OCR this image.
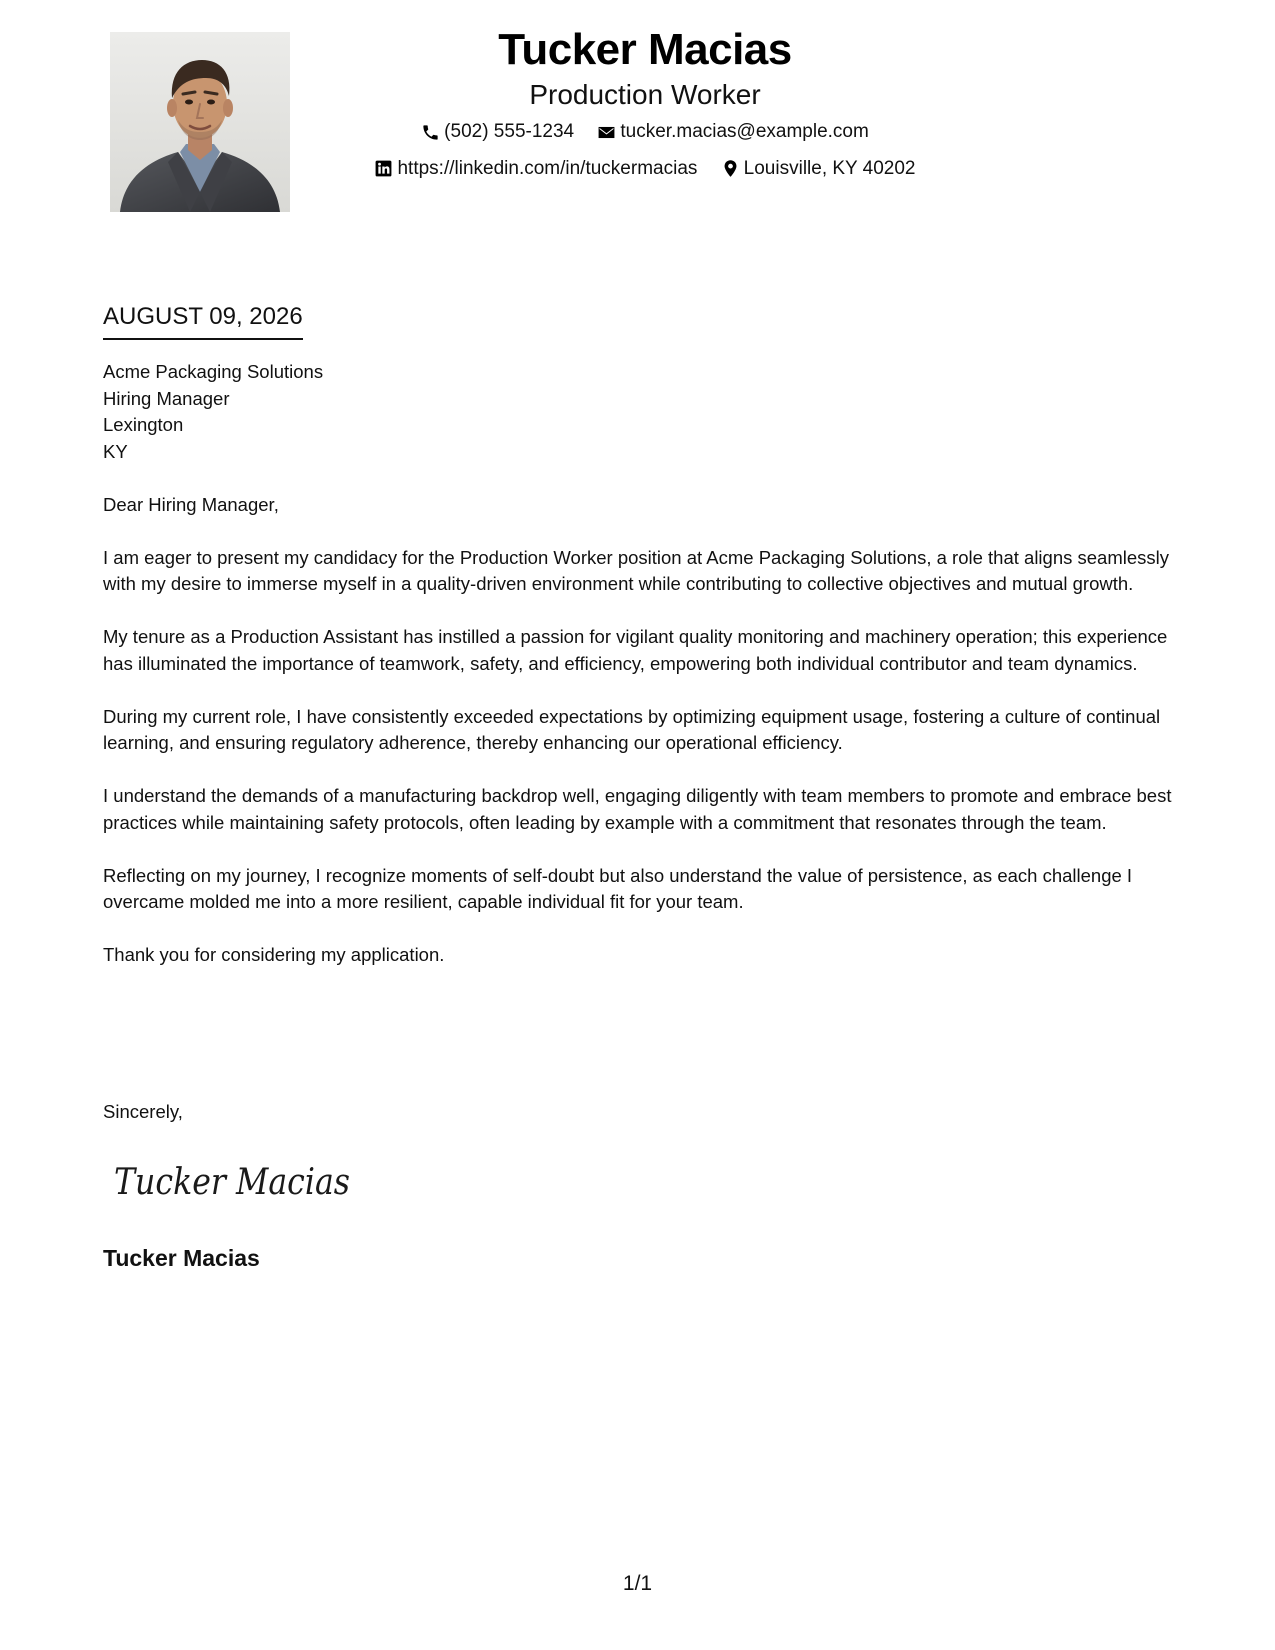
Tucker Macias
Production Worker
(502) 555-1234
tucker.macias@example.com
https://linkedin.com/in/tuckermacias
Louisville, KY 40202
AUGUST 09, 2026
Acme Packaging Solutions
Hiring Manager
Lexington
KY

Dear Hiring Manager,

I am eager to present my candidacy for the Production Worker position at Acme Packaging Solutions, a role that aligns seamlessly with my desire to immerse myself in a quality-driven environment while contributing to collective objectives and mutual growth.

My tenure as a Production Assistant has instilled a passion for vigilant quality monitoring and machinery operation; this experience has illuminated the importance of teamwork, safety, and efficiency, empowering both individual contributor and team dynamics.

During my current role, I have consistently exceeded expectations by optimizing equipment usage, fostering a culture of continual learning, and ensuring regulatory adherence, thereby enhancing our operational efficiency.

I understand the demands of a manufacturing backdrop well, engaging diligently with team members to promote and embrace best practices while maintaining safety protocols, often leading by example with a commitment that resonates through the team.

Reflecting on my journey, I recognize moments of self-doubt but also understand the value of persistence, as each challenge I overcame molded me into a more resilient, capable individual fit for your team.

Thank you for considering my application.

Sincerely,
Tucker Macias
Tucker Macias
1/1
